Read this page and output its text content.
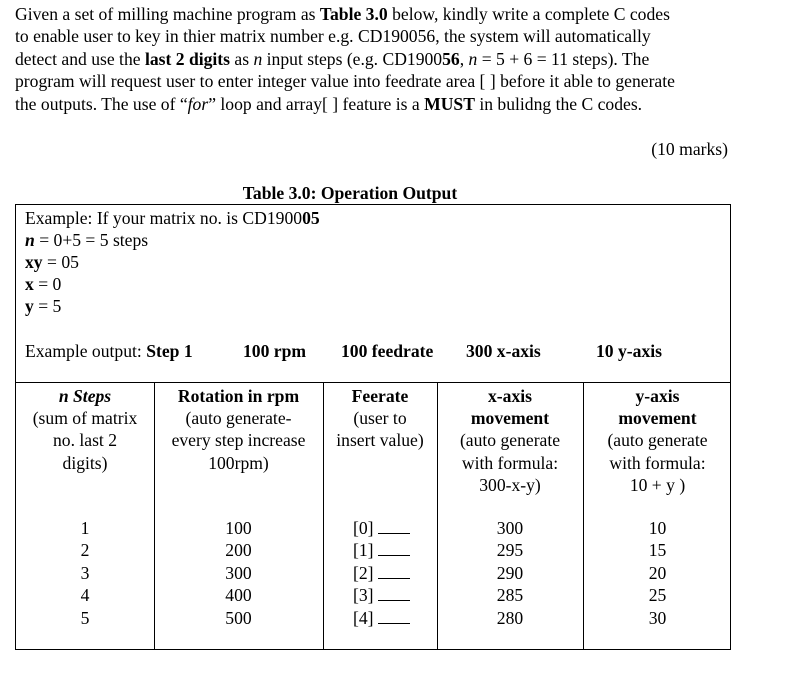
Given a set of milling machine program as Table 3.0 below, kindly write a complete C codes

to enable user to key in thier matrix number e.g. CD190056, the system will automatically

detect and use the last 2 digits as n input steps (e.g. CD190056, n = 5 + 6 = 11 steps). The

program will request user to enter integer value into feedrate area [ ] before it able to generate

the outputs. The use of “for” loop and array[ ] feature is a MUST in bulidng the C codes.

(10 marks)
Table 3.0: Operation Output
Example: If your matrix no. is CD190005
n = 0+5 = 5 steps
xy = 05
x = 0
y = 5
Example output: Step 1	100 rpm 100 feedrate 300 x-axis	10 y-axis
n Steps
(sum of matrix
no. last 2
digits)
Rotation in rpm
(auto generate-
every step increase
100rpm)
Feerate
(user to
insert value)
x-axis
movement
(auto generate
with formula:
300-x-y)
y-axis
movement
(auto generate
with formula:
10 + y )
1
2
3
4
5
100
200
300
400
500
[0]
[1]
[2]
[3]
[4]
300
295
290
285
280
10
15
20
25
30
